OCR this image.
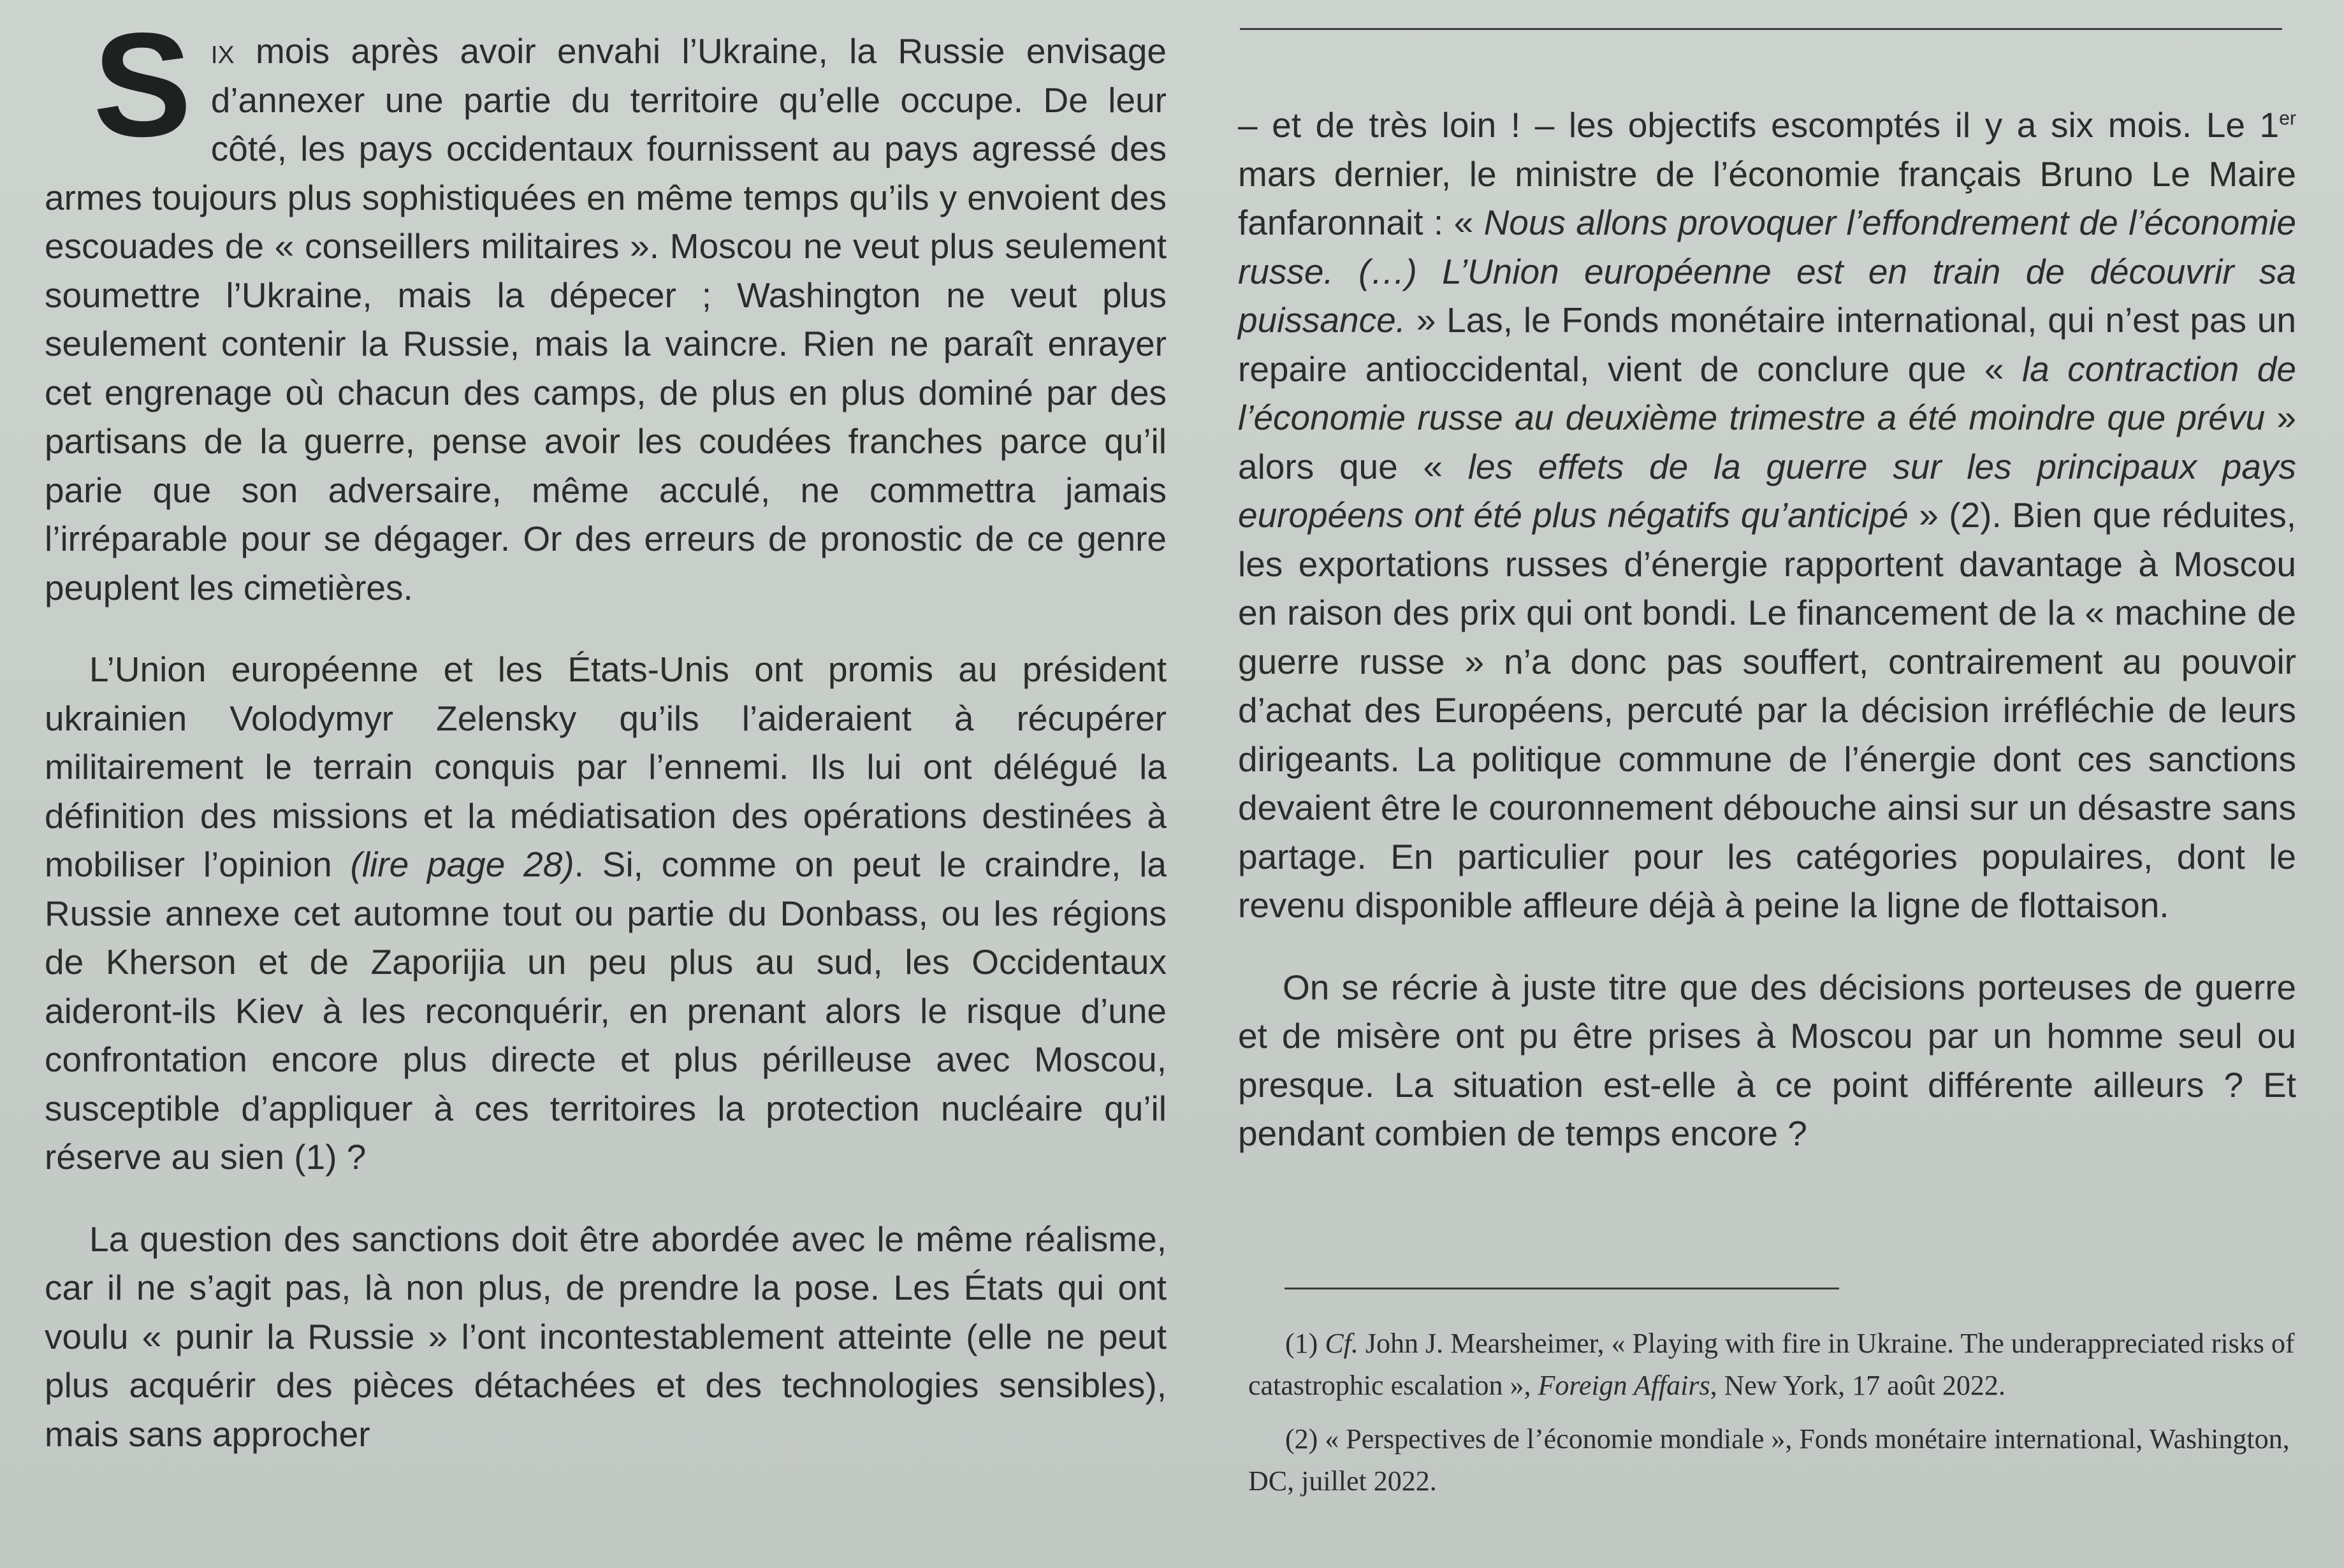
Six mois après avoir envahi l’Ukraine, la Russie envisage d’annexer une partie du territoire qu’elle occupe. De leur côté, les pays occidentaux fournissent au pays agressé des armes toujours plus sophistiquées en même temps qu’ils y envoient des escouades de « conseillers militaires ». Moscou ne veut plus seulement soumettre l’Ukraine, mais la dépecer ; Washington ne veut plus seulement contenir la Russie, mais la vaincre. Rien ne paraît enrayer cet engrenage où chacun des camps, de plus en plus dominé par des partisans de la guerre, pense avoir les coudées franches parce qu’il parie que son adversaire, même acculé, ne commettra jamais l’irréparable pour se dégager. Or des erreurs de pronostic de ce genre peuplent les cimetières.

L’Union européenne et les États-Unis ont promis au président ukrainien Volodymyr Zelensky qu’ils l’aideraient à récupérer militairement le terrain conquis par l’ennemi. Ils lui ont délégué la définition des missions et la médiatisation des opérations destinées à mobiliser l’opinion (lire page 28). Si, comme on peut le craindre, la Russie annexe cet automne tout ou partie du Donbass, ou les régions de Kherson et de Zaporijia un peu plus au sud, les Occidentaux aideront-ils Kiev à les reconquérir, en prenant alors le risque d’une confrontation encore plus directe et plus périlleuse avec Moscou, susceptible d’appliquer à ces territoires la protection nucléaire qu’il réserve au sien (1) ?

La question des sanctions doit être abordée avec le même réalisme, car il ne s’agit pas, là non plus, de prendre la pose. Les États qui ont voulu « punir la Russie » l’ont incontestablement atteinte (elle ne peut plus acquérir des pièces détachées et des technologies sensibles), mais sans approcher

– et de très loin ! – les objectifs escomptés il y a six mois. Le 1er mars dernier, le ministre de l’économie français Bruno Le Maire fanfaronnait : « Nous allons provoquer l’effondrement de l’économie russe. (…) L’Union européenne est en train de découvrir sa puissance. » Las, le Fonds monétaire international, qui n’est pas un repaire antioccidental, vient de conclure que « la contraction de l’économie russe au deuxième trimestre a été moindre que prévu » alors que « les effets de la guerre sur les principaux pays européens ont été plus négatifs qu’anticipé » (2). Bien que réduites, les exportations russes d’énergie rapportent davantage à Moscou en raison des prix qui ont bondi. Le financement de la « machine de guerre russe » n’a donc pas souffert, contrairement au pouvoir d’achat des Européens, percuté par la décision irréfléchie de leurs dirigeants. La politique commune de l’énergie dont ces sanctions devaient être le couronnement débouche ainsi sur un désastre sans partage. En particulier pour les catégories populaires, dont le revenu disponible affleure déjà à peine la ligne de flottaison.

On se récrie à juste titre que des décisions porteuses de guerre et de misère ont pu être prises à Moscou par un homme seul ou presque. La situation est-elle à ce point différente ailleurs ? Et pendant combien de temps encore ?

(1) Cf. John J. Mearsheimer, « Playing with fire in Ukraine. The underappreciated risks of catastrophic escalation », Foreign Affairs, New York, 17 août 2022.

(2) « Perspectives de l’économie mondiale », Fonds monétaire international, Washington, DC, juillet 2022.
